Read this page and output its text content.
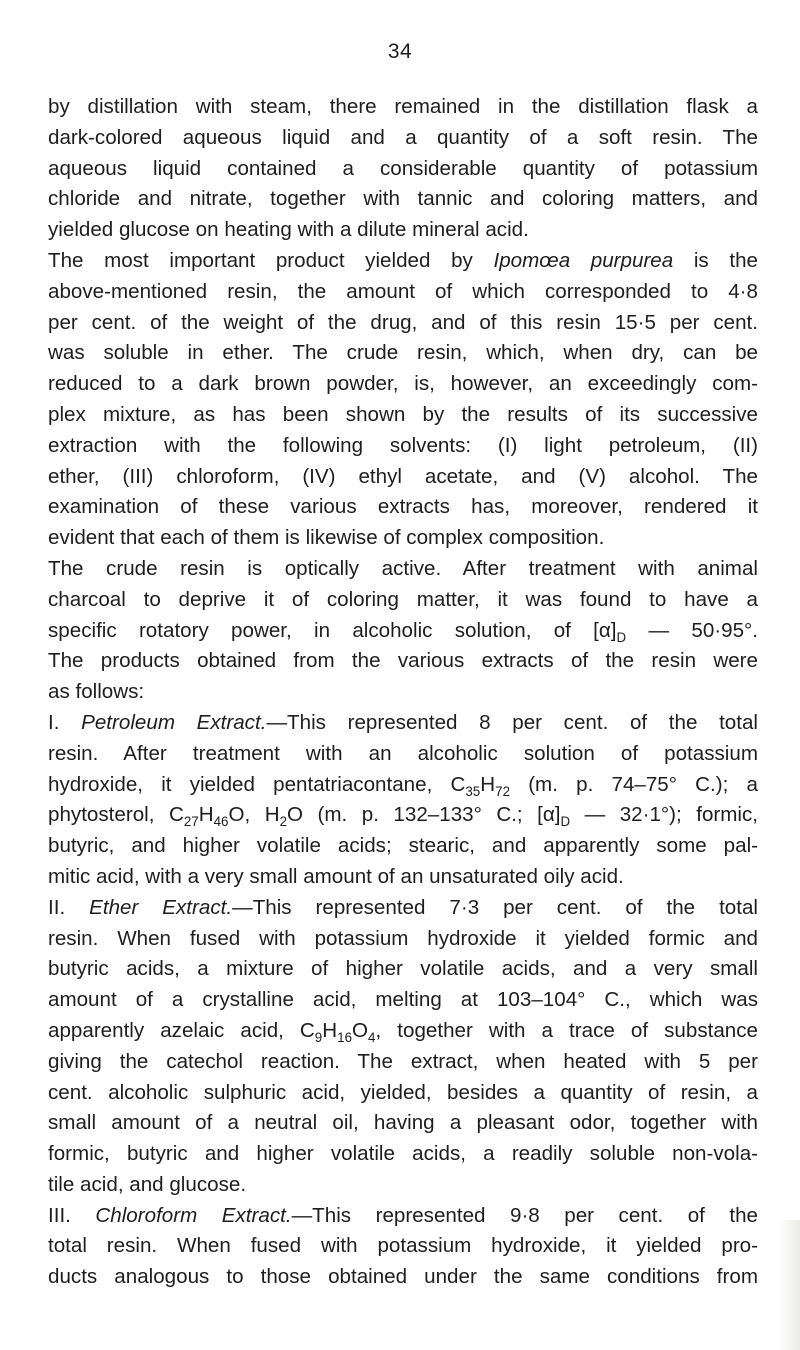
34
by distillation with steam, there remained in the distillation flask a
dark-colored aqueous liquid and a quantity of a soft resin. The
aqueous liquid contained a considerable quantity of potassium
chloride and nitrate, together with tannic and coloring matters, and
yielded glucose on heating with a dilute mineral acid.
The most important product yielded by Ipomœa purpurea is the
above-mentioned resin, the amount of which corresponded to 4·8
per cent. of the weight of the drug, and of this resin 15·5 per cent.
was soluble in ether. The crude resin, which, when dry, can be
reduced to a dark brown powder, is, however, an exceedingly com-
plex mixture, as has been shown by the results of its successive
extraction with the following solvents: (I) light petroleum, (II)
ether, (III) chloroform, (IV) ethyl acetate, and (V) alcohol. The
examination of these various extracts has, moreover, rendered it
evident that each of them is likewise of complex composition.
The crude resin is optically active. After treatment with animal
charcoal to deprive it of coloring matter, it was found to have a
specific rotatory power, in alcoholic solution, of $[\alpha]_D$ — 50·95°.
The products obtained from the various extracts of the resin were
as follows:
I. Petroleum Extract.—This represented 8 per cent. of the total
resin. After treatment with an alcoholic solution of potassium
hydroxide, it yielded pentatriacontane, $C_{35}H_{72}$ (m. p. 74–75° C.); a
phytosterol, $C_{27}H_{46}O$, $H_2O$ (m. p. 132–133° C.; $[\alpha]_D$ — 32·1°); formic,
butyric, and higher volatile acids; stearic, and apparently some pal-
mitic acid, with a very small amount of an unsaturated oily acid.
II. Ether Extract.—This represented 7·3 per cent. of the total
resin. When fused with potassium hydroxide it yielded formic and
butyric acids, a mixture of higher volatile acids, and a very small
amount of a crystalline acid, melting at 103–104° C., which was
apparently azelaic acid, $C_9H_{16}O_4$, together with a trace of substance
giving the catechol reaction. The extract, when heated with 5 per
cent. alcoholic sulphuric acid, yielded, besides a quantity of resin, a
small amount of a neutral oil, having a pleasant odor, together with
formic, butyric and higher volatile acids, a readily soluble non-vola-
tile acid, and glucose.
III. Chloroform Extract.—This represented 9·8 per cent. of the
total resin. When fused with potassium hydroxide, it yielded pro-
ducts analogous to those obtained under the same conditions from
